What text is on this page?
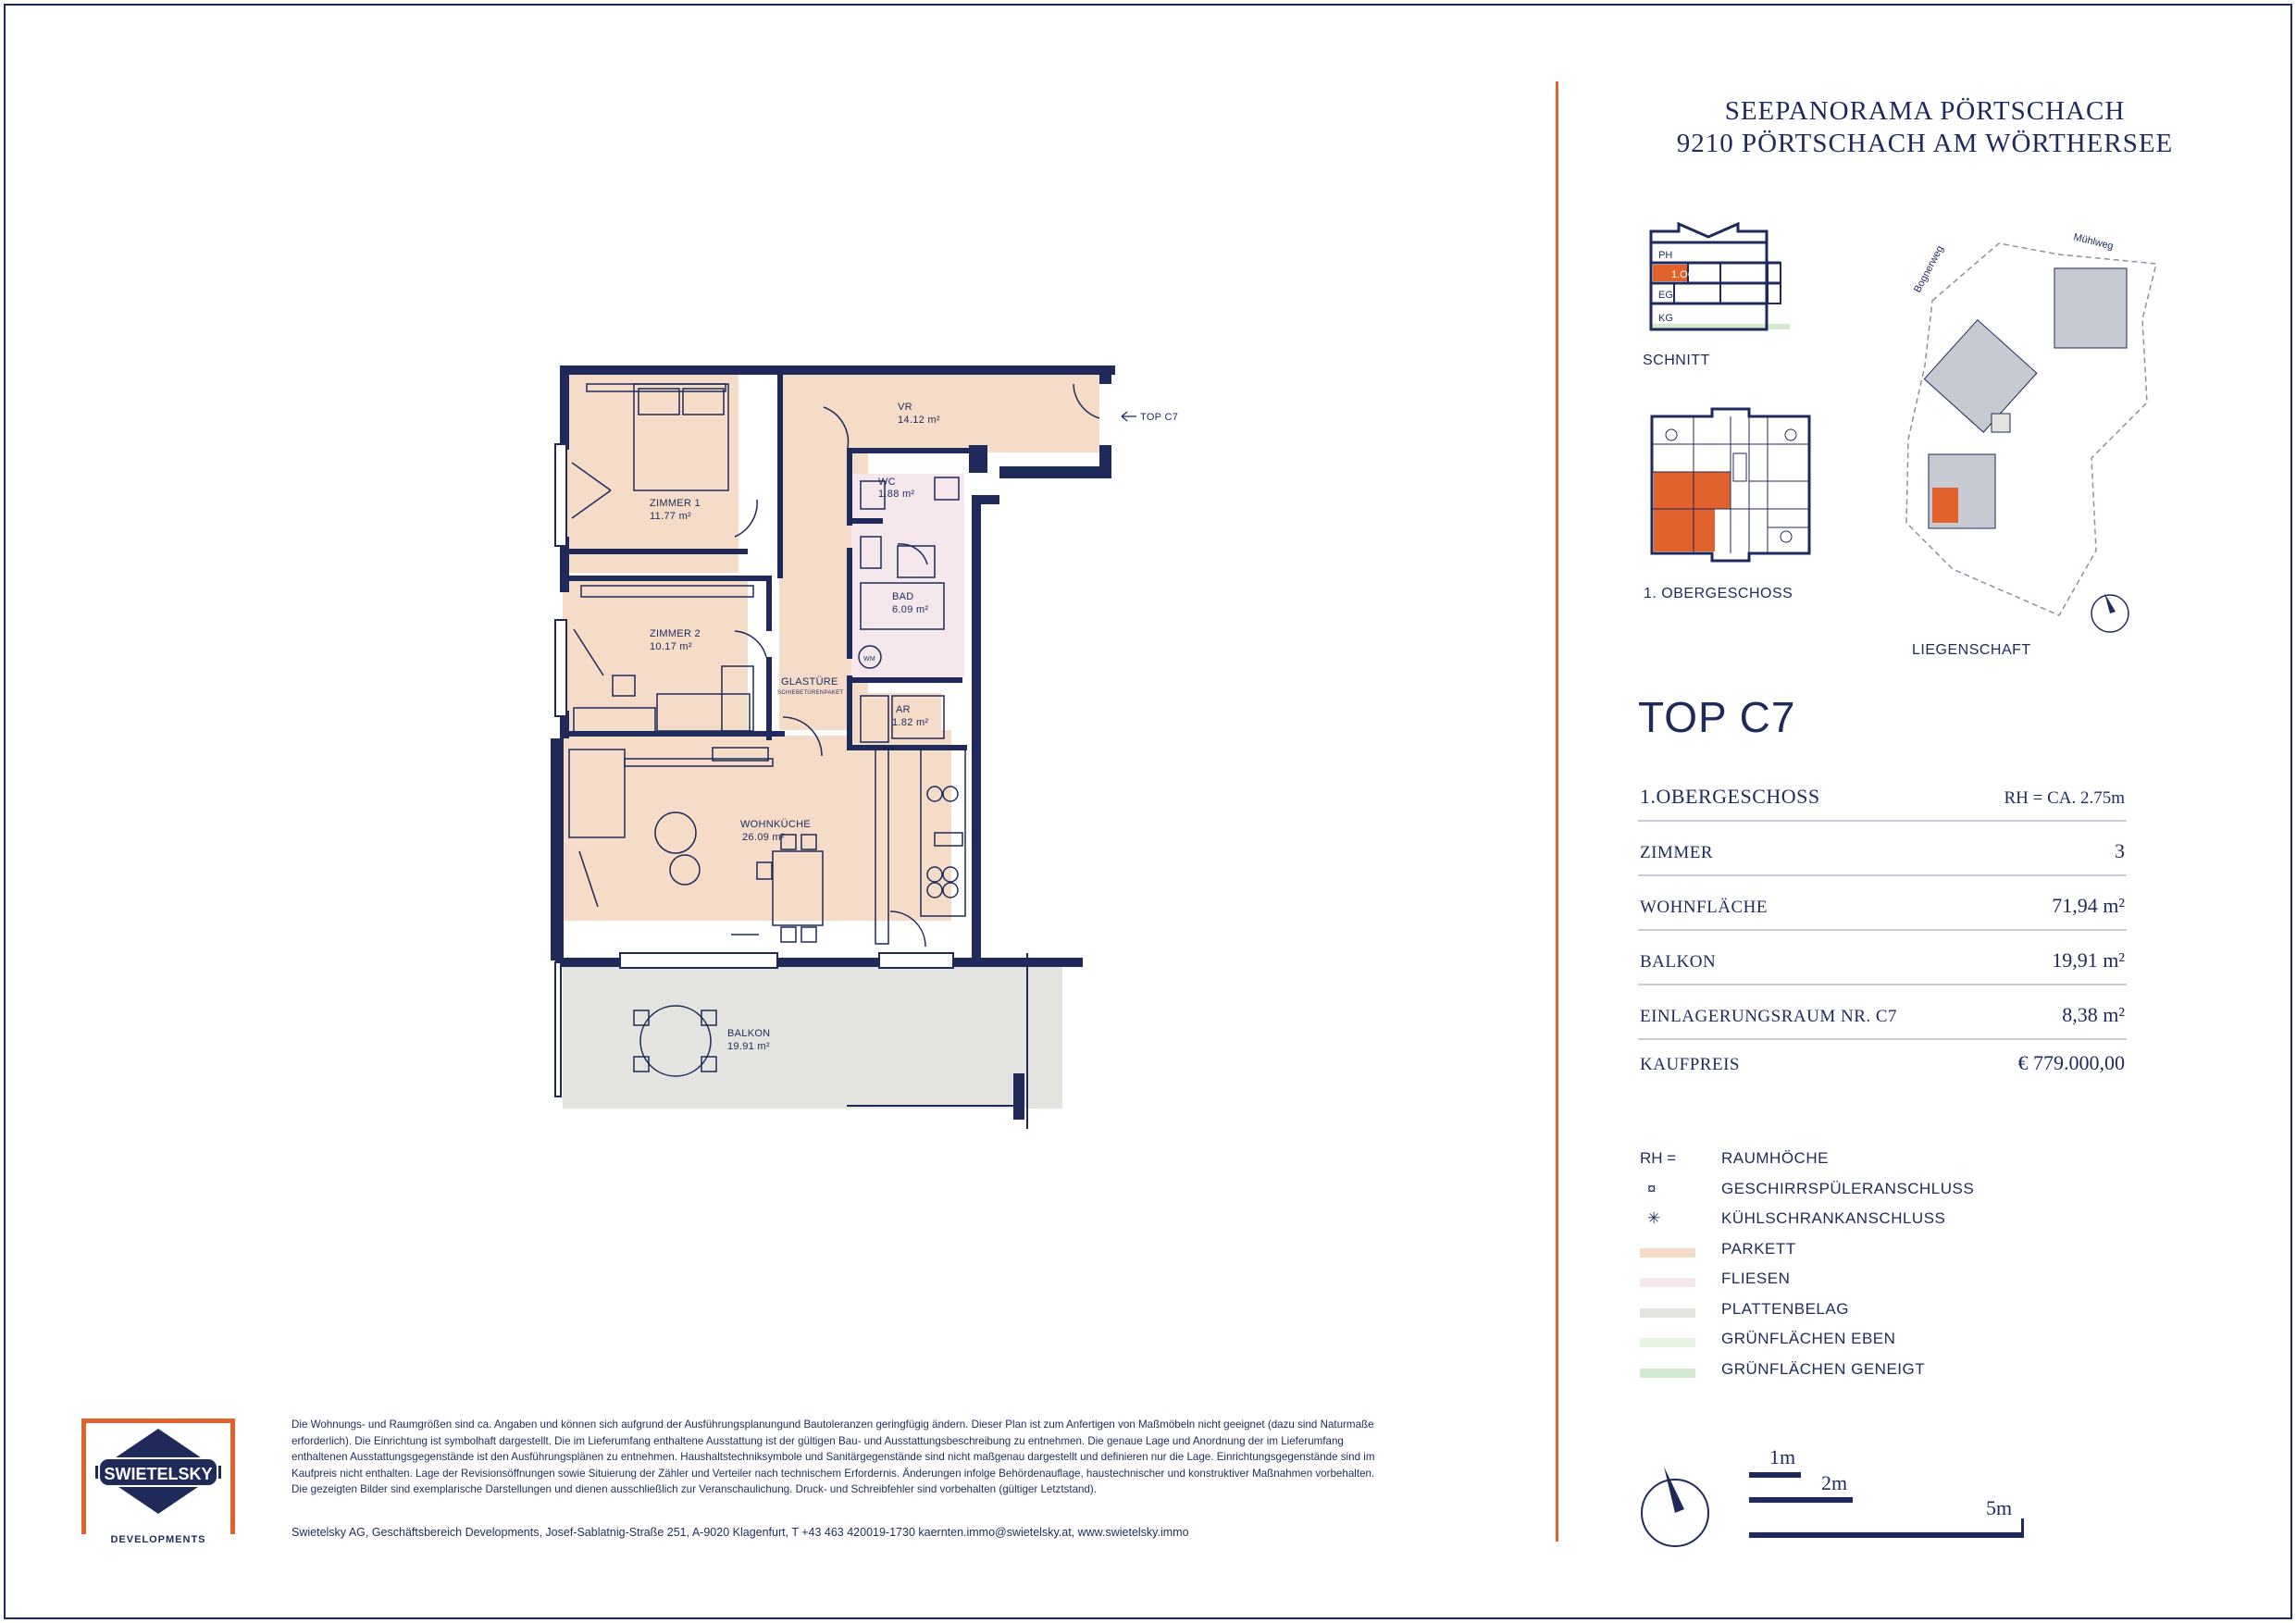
VR
14.12 m²
WC
1.88 m²
ZIMMER 1
11.77 m²
BAD
6.09 m²
ZIMMER 2
10.17 m²
GLASTÜRE
SCHIEBETÜRENPAKET
AR
1.82 m²
WOHNKÜCHE
26.09 m²
BALKON
19.91 m²
WM
TOP C7
SEEPANORAMA PÖRTSCHACH
9210 PÖRTSCHACH AM WÖRTHERSEE
PH
1.OG
EG
KG
SCHNITT
1. OBERGESCHOSS
Bognerweg
Mühlweg
LIEGENSCHAFT
TOP C7
1.OBERGESCHOSS	RH = CA. 2.75m
ZIMMER	3
WOHNFLÄCHE	71,94 m²
BALKON	19,91 m²
EINLAGERUNGSRAUM NR. C7	8,38 m²
KAUFPREIS	€ 779.000,00
RH =	RAUMHÖCHE
¤	GESCHIRRSPÜLERANSCHLUSS
✳	KÜHLSCHRANKANSCHLUSS
PARKETT
FLIESEN
PLATTENBELAG
GRÜNFLÄCHEN EBEN
GRÜNFLÄCHEN GENEIGT
1m
2m
5m
SWIETELSKY
DEVELOPMENTS
Die Wohnungs- und Raumgrößen sind ca. Angaben und können sich aufgrund der Ausführungsplanungund Bautoleranzen geringfügig ändern. Dieser Plan ist zum Anfertigen von Maßmöbeln nicht geeignet (dazu sind Naturmaße erforderlich). Die Einrichtung ist symbolhaft dargestellt. Die im Lieferumfang enthaltene Ausstattung ist der gültigen Bau- und Ausstattungsbeschreibung zu entnehmen. Die genaue Lage und Anordnung der im Lieferumfang enthaltenen Ausstattungsgegenstände ist den Ausführungsplänen zu entnehmen. Haushaltstechniksymbole und Sanitärgegenstände sind nicht maßgenau dargestellt und definieren nur die Lage. Einrichtungsgegenstände sind im Kaufpreis nicht enthalten. Lage der Revisionsöffnungen sowie Situierung der Zähler und Verteiler nach technischem Erfordernis. Änderungen infolge Behördenauflage, haustechnischer und konstruktiver Maßnahmen vorbehalten. Die gezeigten Bilder sind exemplarische Darstellungen und dienen ausschließlich zur Veranschaulichung. Druck- und Schreibfehler sind vorbehalten (gültiger Letztstand).
Swietelsky AG, Geschäftsbereich Developments, Josef-Sablatnig-Straße 251, A-9020 Klagenfurt, T +43 463 420019-1730 kaernten.immo@swietelsky.at, www.swietelsky.immo
